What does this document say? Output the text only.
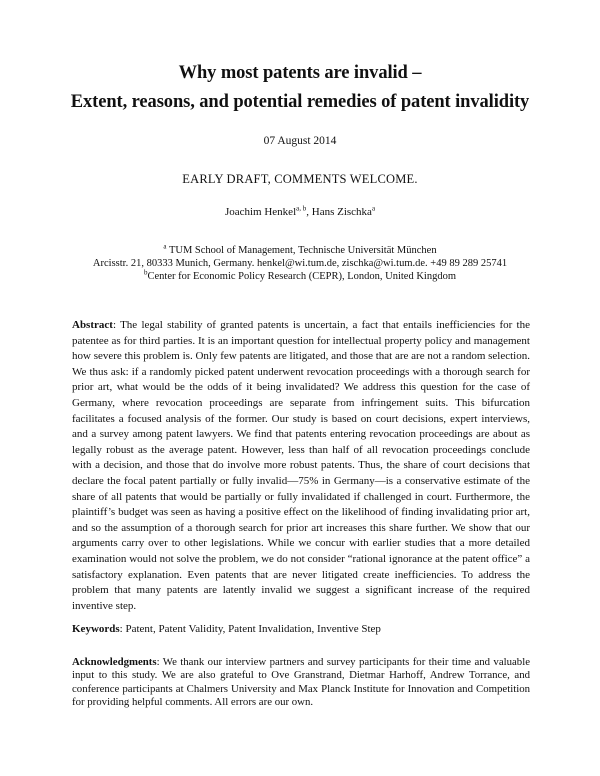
Why most patents are invalid –
Extent, reasons, and potential remedies of patent invalidity
07 August 2014
EARLY DRAFT, COMMENTS WELCOME.
Joachim Henkel$^{a, b}$, Hans Zischka$^a$
$^a$ TUM School of Management, Technische Universität München
Arcisstr. 21, 80333 Munich, Germany. henkel@wi.tum.de, zischka@wi.tum.de. +49 89 289 25741
$^b$Center for Economic Policy Research (CEPR), London, United Kingdom
Abstract: The legal stability of granted patents is uncertain, a fact that entails inefficiencies for the patentee as for third parties. It is an important question for intellectual property policy and management how severe this problem is. Only few patents are litigated, and those that are are not a random selection. We thus ask: if a randomly picked patent underwent revocation proceedings with a thorough search for prior art, what would be the odds of it being invalidated? We address this question for the case of Germany, where revocation proceedings are separate from infringement suits. This bifurcation facilitates a focused analysis of the former. Our study is based on court decisions, expert interviews, and a survey among patent lawyers. We find that patents entering revocation proceedings are about as legally robust as the average patent. However, less than half of all revocation proceedings conclude with a decision, and those that do involve more robust patents. Thus, the share of court decisions that declare the focal patent partially or fully invalid—75% in Germany—is a conservative estimate of the share of all patents that would be partially or fully invalidated if challenged in court. Furthermore, the plaintiff’s budget was seen as having a positive effect on the likelihood of finding invalidating prior art, and so the assumption of a thorough search for prior art increases this share further. We show that our arguments carry over to other legislations. While we concur with earlier studies that a more detailed examination would not solve the problem, we do not consider “rational ignorance at the patent office” a satisfactory explanation. Even patents that are never litigated create inefficiencies. To address the problem that many patents are latently invalid we suggest a significant increase of the required inventive step.
Keywords: Patent, Patent Validity, Patent Invalidation, Inventive Step
Acknowledgments: We thank our interview partners and survey participants for their time and valuable input to this study. We are also grateful to Ove Granstrand, Dietmar Harhoff, Andrew Torrance, and conference participants at Chalmers University and Max Planck Institute for Innovation and Competition for providing helpful comments. All errors are our own.
